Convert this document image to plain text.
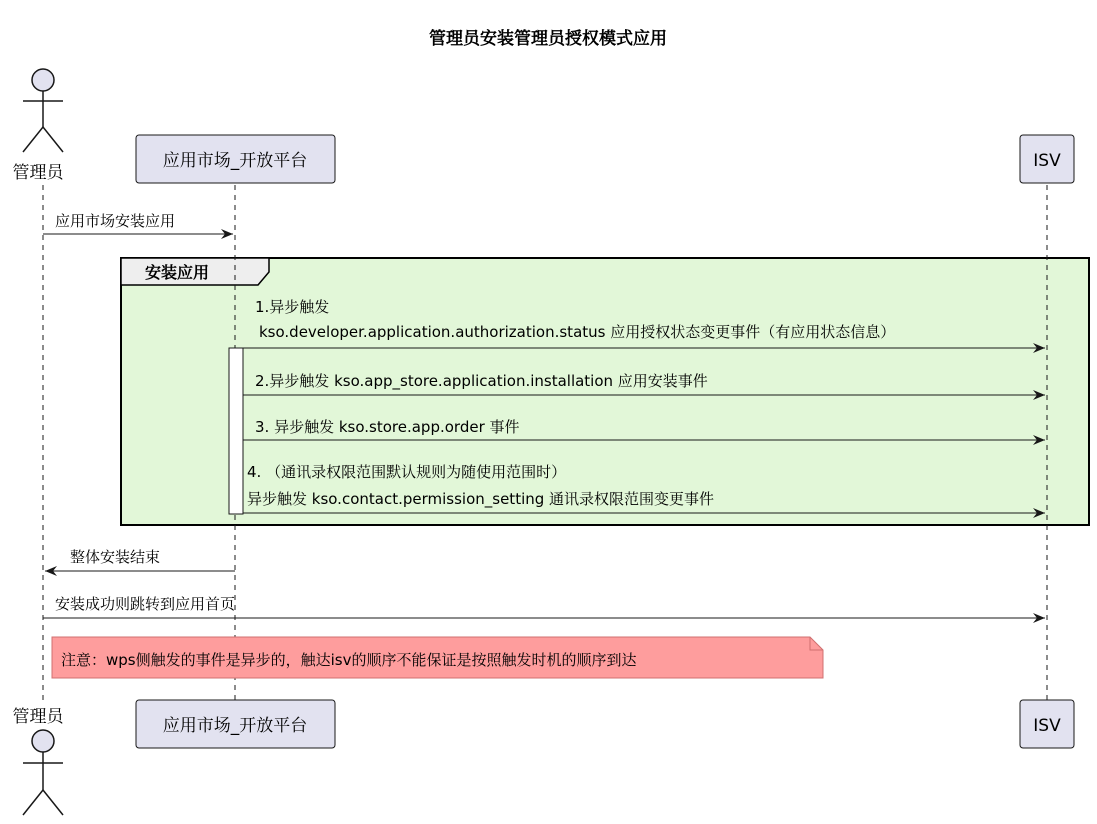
管理员安装管理员授权模式应用
安装应用
管理员
应用市场_开放平台	ISV
应用市场安装应用
1.异步触发
kso.developer.application.authorization.status 应用授权状态变更事件（有应用状态信息）
2.异步触发 kso.app_store.application.installation 应用安装事件
3. 异步触发 kso.store.app.order 事件
4. （通讯录权限范围默认规则为随使用范围时）
异步触发 kso.contact.permission_setting 通讯录权限范围变更事件
整体安装结束
安装成功则跳转到应用首页
注意：wps侧触发的事件是异步的，触达isv的顺序不能保证是按照触发时机的顺序到达
应用市场_开放平台	ISV
管理员
